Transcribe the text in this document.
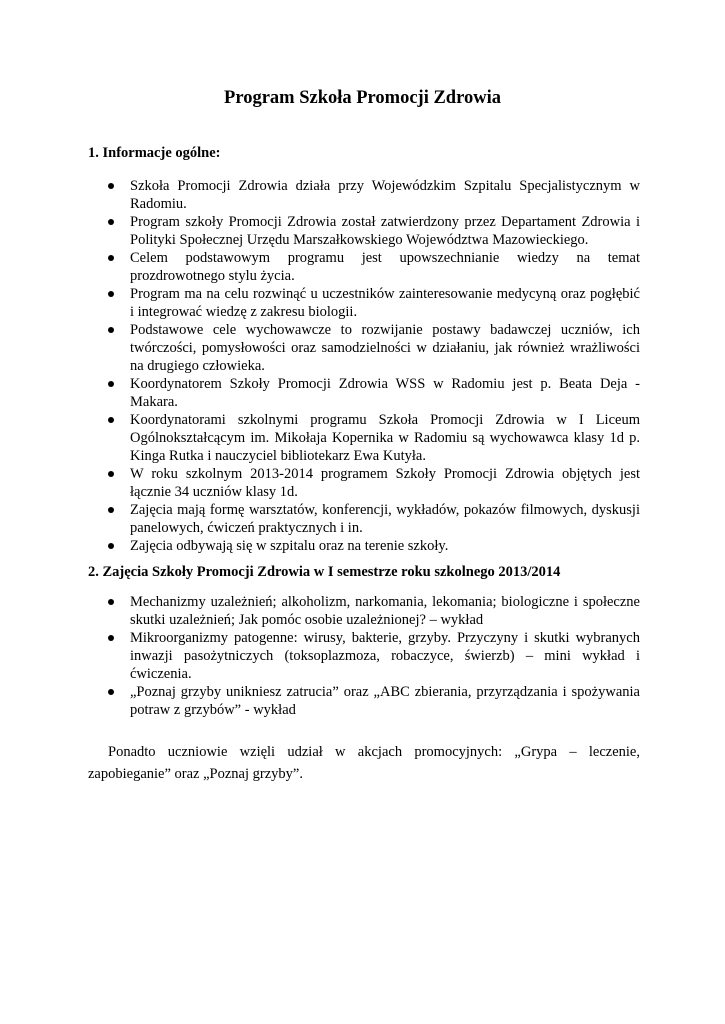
Program Szkoła Promocji Zdrowia
1. Informacje ogólne:
Szkoła Promocji Zdrowia działa przy Wojewódzkim Szpitalu Specjalistycznym w Radomiu.
Program szkoły Promocji Zdrowia został zatwierdzony przez Departament Zdrowia i Polityki Społecznej Urzędu Marszałkowskiego Województwa Mazowieckiego.
Celem podstawowym programu jest upowszechnianie wiedzy na temat prozdrowotnego stylu życia.
Program ma na celu rozwinąć u uczestników zainteresowanie medycyną oraz pogłębić i integrować wiedzę z zakresu biologii.
Podstawowe cele wychowawcze to rozwijanie postawy badawczej uczniów, ich twórczości, pomysłowości oraz samodzielności w działaniu, jak również wrażliwości na drugiego człowieka.
Koordynatorem Szkoły Promocji Zdrowia WSS w Radomiu jest p. Beata Deja - Makara.
Koordynatorami szkolnymi programu Szkoła Promocji Zdrowia w I Liceum Ogólnokształcącym im. Mikołaja Kopernika w Radomiu są wychowawca klasy 1d p. Kinga Rutka i nauczyciel bibliotekarz Ewa Kutyła.
W roku szkolnym 2013-2014 programem Szkoły Promocji Zdrowia objętych jest łącznie 34 uczniów klasy 1d.
Zajęcia mają formę warsztatów, konferencji, wykładów, pokazów filmowych, dyskusji panelowych, ćwiczeń praktycznych i in.
Zajęcia odbywają się w szpitalu oraz na terenie szkoły.
2. Zajęcia Szkoły Promocji Zdrowia w I semestrze roku szkolnego 2013/2014
Mechanizmy uzależnień; alkoholizm, narkomania, lekomania; biologiczne i społeczne skutki uzależnień; Jak pomóc osobie uzależnionej? – wykład
Mikroorganizmy patogenne: wirusy, bakterie, grzyby. Przyczyny i skutki wybranych inwazji pasożytniczych (toksoplazmoza, robaczyce, świerzb) – mini wykład i ćwiczenia.
„Poznaj grzyby unikniesz zatrucia” oraz „ABC zbierania, przyrządzania i spożywania potraw z grzybów” - wykład

Ponadto uczniowie wzięli udział w akcjach promocyjnych: „Grypa – leczenie, zapobieganie” oraz „Poznaj grzyby”.
